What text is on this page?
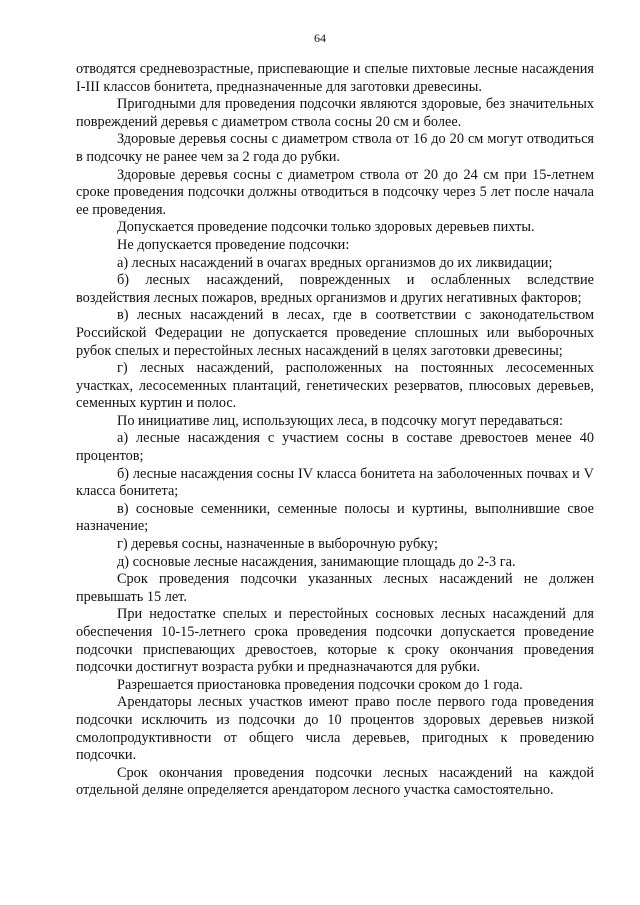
64

отводятся средневозрастные, приспевающие и спелые пихтовые лесные насаждения I-III классов бонитета, предназначенные для заготовки древесины.

Пригодными для проведения подсочки являются здоровые, без значительных повреждений деревья с диаметром ствола сосны 20 см и более.

Здоровые деревья сосны с диаметром ствола от 16 до 20 см могут отводиться в подсочку не ранее чем за 2 года до рубки.

Здоровые деревья сосны с диаметром ствола от 20 до 24 см при 15-летнем сроке проведения подсочки должны отводиться в подсочку через 5 лет после начала ее проведения.

Допускается проведение подсочки только здоровых деревьев пихты.

Не допускается проведение подсочки:

а) лесных насаждений в очагах вредных организмов до их ликвидации;

б) лесных насаждений, поврежденных и ослабленных вследствие воздействия лесных пожаров, вредных организмов и других негативных факторов;

в) лесных насаждений в лесах, где в соответствии с законодательством Российской Федерации не допускается проведение сплошных или выборочных рубок спелых и перестойных лесных насаждений в целях заготовки древесины;

г) лесных насаждений, расположенных на постоянных лесосеменных участках, лесосеменных плантаций, генетических резерватов, плюсовых деревьев, семенных куртин и полос.

По инициативе лиц, использующих леса, в подсочку могут передаваться:

а) лесные насаждения с участием сосны в составе древостоев менее 40 процентов;

б) лесные насаждения сосны IV класса бонитета на заболоченных почвах и V класса бонитета;

в) сосновые семенники, семенные полосы и куртины, выполнившие свое назначение;

г) деревья сосны, назначенные в выборочную рубку;

д) сосновые лесные насаждения, занимающие площадь до 2-3 га.

Срок проведения подсочки указанных лесных насаждений не должен превышать 15 лет.

При недостатке спелых и перестойных сосновых лесных насаждений для обеспечения 10-15-летнего срока проведения подсочки допускается проведение подсочки приспевающих древостоев, которые к сроку окончания проведения подсочки достигнут возраста рубки и предназначаются для рубки.

Разрешается приостановка проведения подсочки сроком до 1 года.

Арендаторы лесных участков имеют право после первого года проведения подсочки исключить из подсочки до 10 процентов здоровых деревьев низкой смолопродуктивности от общего числа деревьев, пригодных к проведению подсочки.

Срок окончания проведения подсочки лесных насаждений на каждой отдельной деляне определяется арендатором лесного участка самостоятельно.
